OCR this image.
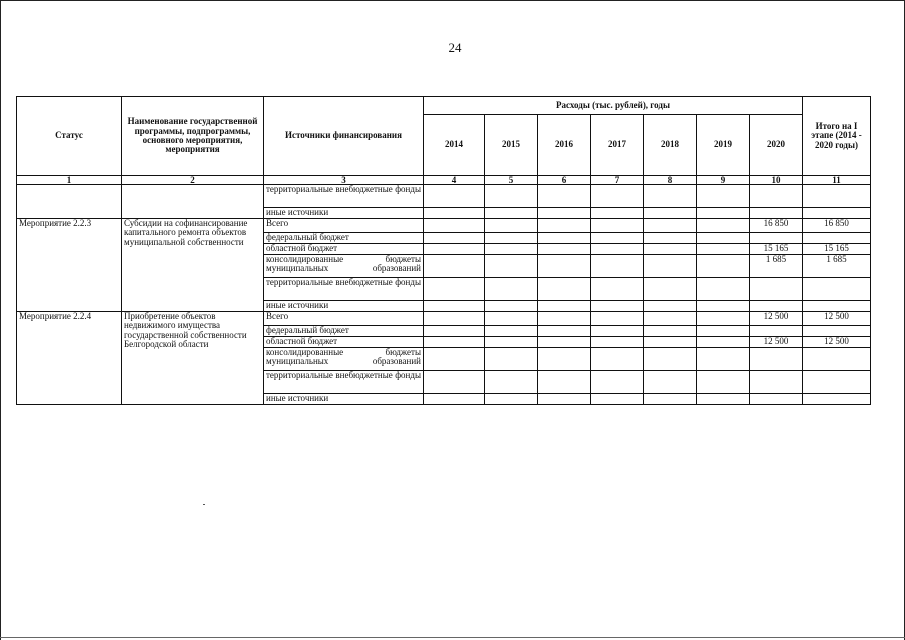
24
Статус	Наименование государственной программы, подпрограммы, основного мероприятия, мероприятия	Источники финансирования	Расходы (тыс. рублей), годы							Итого на I этапе (2014 - 2020 годы)
			2014	2015	2016	2017	2018	2019	2020	
1	2	3	4	5	6	7	8	9	10	11
		территориальные внебюджетные фонды								
		иные источники								
Мероприятие 2.2.3	Субсидии на софинансирование капитального ремонта объектов муниципальной собственности	Всего							16 850	16 850
		федеральный бюджет								
		областной бюджет							15 165	15 165
		консолидированные бюджеты муниципальных образований							1 685	1 685
		территориальные внебюджетные фонды								
		иные источники								
Мероприятие 2.2.4	Приобретение объектов недвижимого имущества государственной собственности Белгородской области	Всего							12 500	12 500
		федеральный бюджет								
		областной бюджет							12 500	12 500
		консолидированные бюджеты муниципальных образований								
		территориальные внебюджетные фонды								
		иные источники								
